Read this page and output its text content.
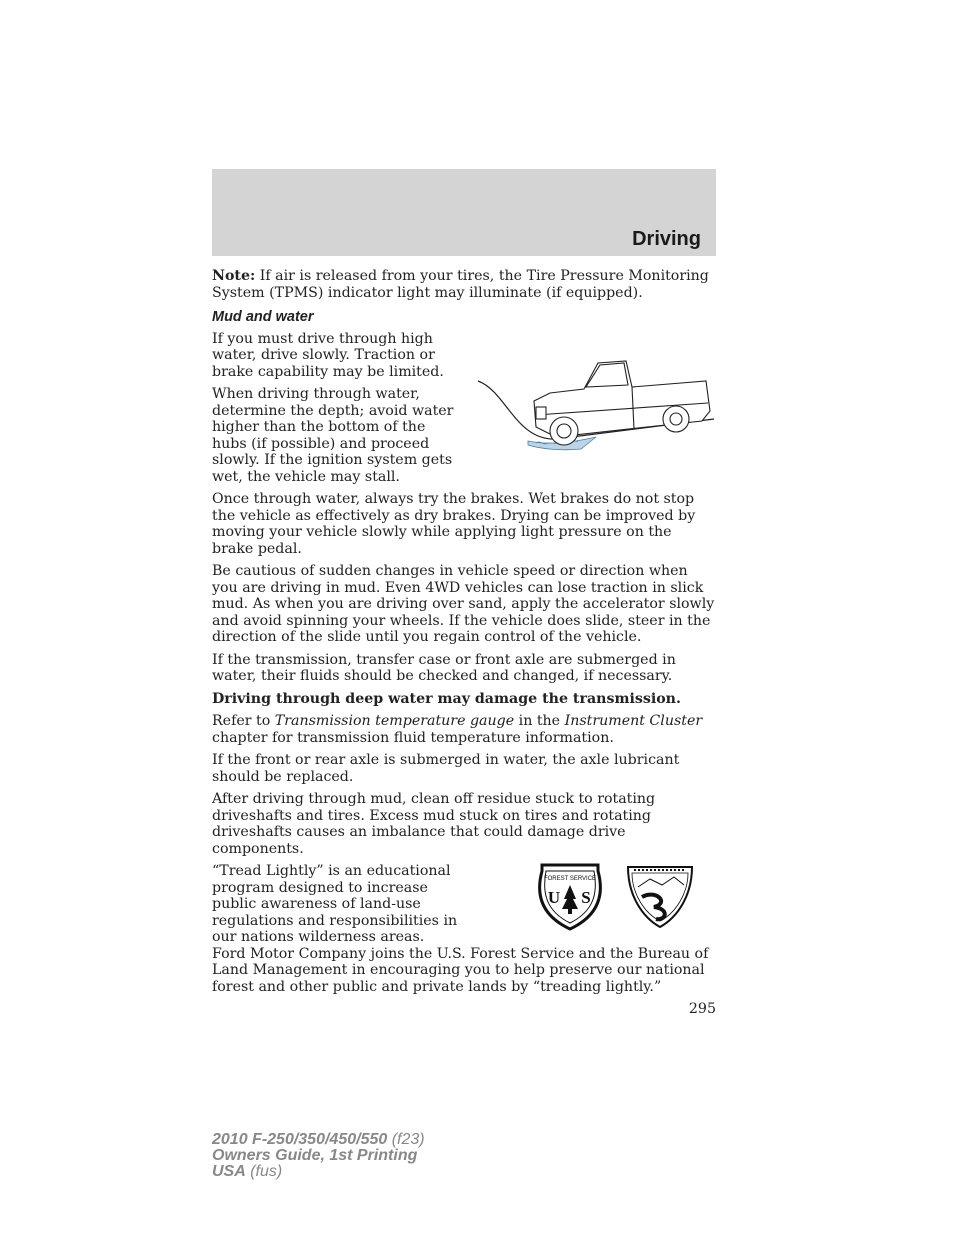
Driving

Note: If air is released from your tires, the Tire Pressure Monitoring System (TPMS) indicator light may illuminate (if equipped).

Mud and water

If you must drive through high water, drive slowly. Traction or brake capability may be limited.

When driving through water, determine the depth; avoid water higher than the bottom of the hubs (if possible) and proceed slowly. If the ignition system gets wet, the vehicle may stall.

Once through water, always try the brakes. Wet brakes do not stop the vehicle as effectively as dry brakes. Drying can be improved by moving your vehicle slowly while applying light pressure on the brake pedal.

Be cautious of sudden changes in vehicle speed or direction when you are driving in mud. Even 4WD vehicles can lose traction in slick mud. As when you are driving over sand, apply the accelerator slowly and avoid spinning your wheels. If the vehicle does slide, steer in the direction of the slide until you regain control of the vehicle.

If the transmission, transfer case or front axle are submerged in water, their fluids should be checked and changed, if necessary.

Driving through deep water may damage the transmission.

Refer to Transmission temperature gauge in the Instrument Cluster chapter for transmission fluid temperature information.

If the front or rear axle is submerged in water, the axle lubricant should be replaced.

After driving through mud, clean off residue stuck to rotating driveshafts and tires. Excess mud stuck on tires and rotating driveshafts causes an imbalance that could damage drive components.

FOREST SERVICE
U S

“Tread Lightly” is an educational program designed to increase public awareness of land-use regulations and responsibilities in our nations wilderness areas. Ford Motor Company joins the U.S. Forest Service and the Bureau of Land Management in encouraging you to help preserve our national forest and other public and private lands by “treading lightly.”

295
2010 F-250/350/450/550 (f23)
Owners Guide, 1st Printing
USA (fus)
